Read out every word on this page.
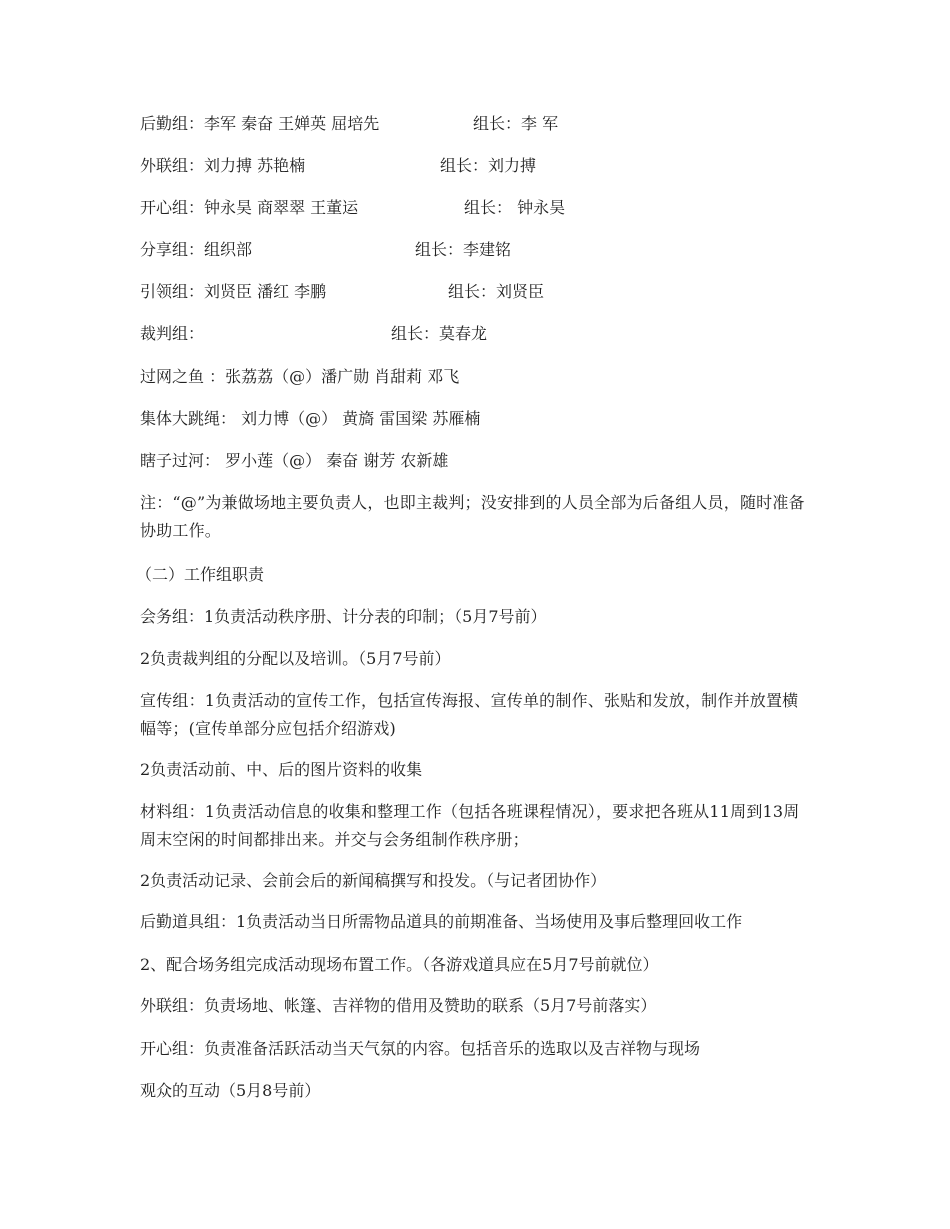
后勤组：李军 秦奋 王婵英 屈培先	组长：李 军
外联组：刘力搏 苏艳楠	组长：刘力搏
开心组：钟永昊 商翠翠 王董运	组长： 钟永昊
分享组：组织部	组长：李建铭
引领组：刘贤臣 潘红 李鹏	组长：刘贤臣
裁判组：	组长：莫春龙
过网之鱼 ：张荔荔（@）潘广勋 肖甜莉 邓飞
集体大跳绳： 刘力博（@） 黄旖 雷国梁 苏雁楠
瞎子过河： 罗小莲（@） 秦奋 谢芳 农新雄
注：“@”为兼做场地主要负责人，也即主裁判；没安排到的人员全部为后备组人员，随时准备协助工作。
（二）工作组职责
会务组：1负责活动秩序册、计分表的印制；（5月7号前）
2负责裁判组的分配以及培训。（5月7号前）
宣传组：1负责活动的宣传工作，包括宣传海报、宣传单的制作、张贴和发放，制作并放置横幅等；(宣传单部分应包括介绍游戏)
2负责活动前、中、后的图片资料的收集
材料组：1负责活动信息的收集和整理工作（包括各班课程情况），要求把各班从11周到13周周末空闲的时间都排出来。并交与会务组制作秩序册；
2负责活动记录、会前会后的新闻稿撰写和投发。（与记者团协作）
后勤道具组：1负责活动当日所需物品道具的前期准备、当场使用及事后整理回收工作
2、配合场务组完成活动现场布置工作。（各游戏道具应在5月7号前就位）
外联组：负责场地、帐篷、吉祥物的借用及赞助的联系（5月7号前落实）
开心组：负责准备活跃活动当天气氛的内容。包括音乐的选取以及吉祥物与现场
观众的互动（5月8号前）
